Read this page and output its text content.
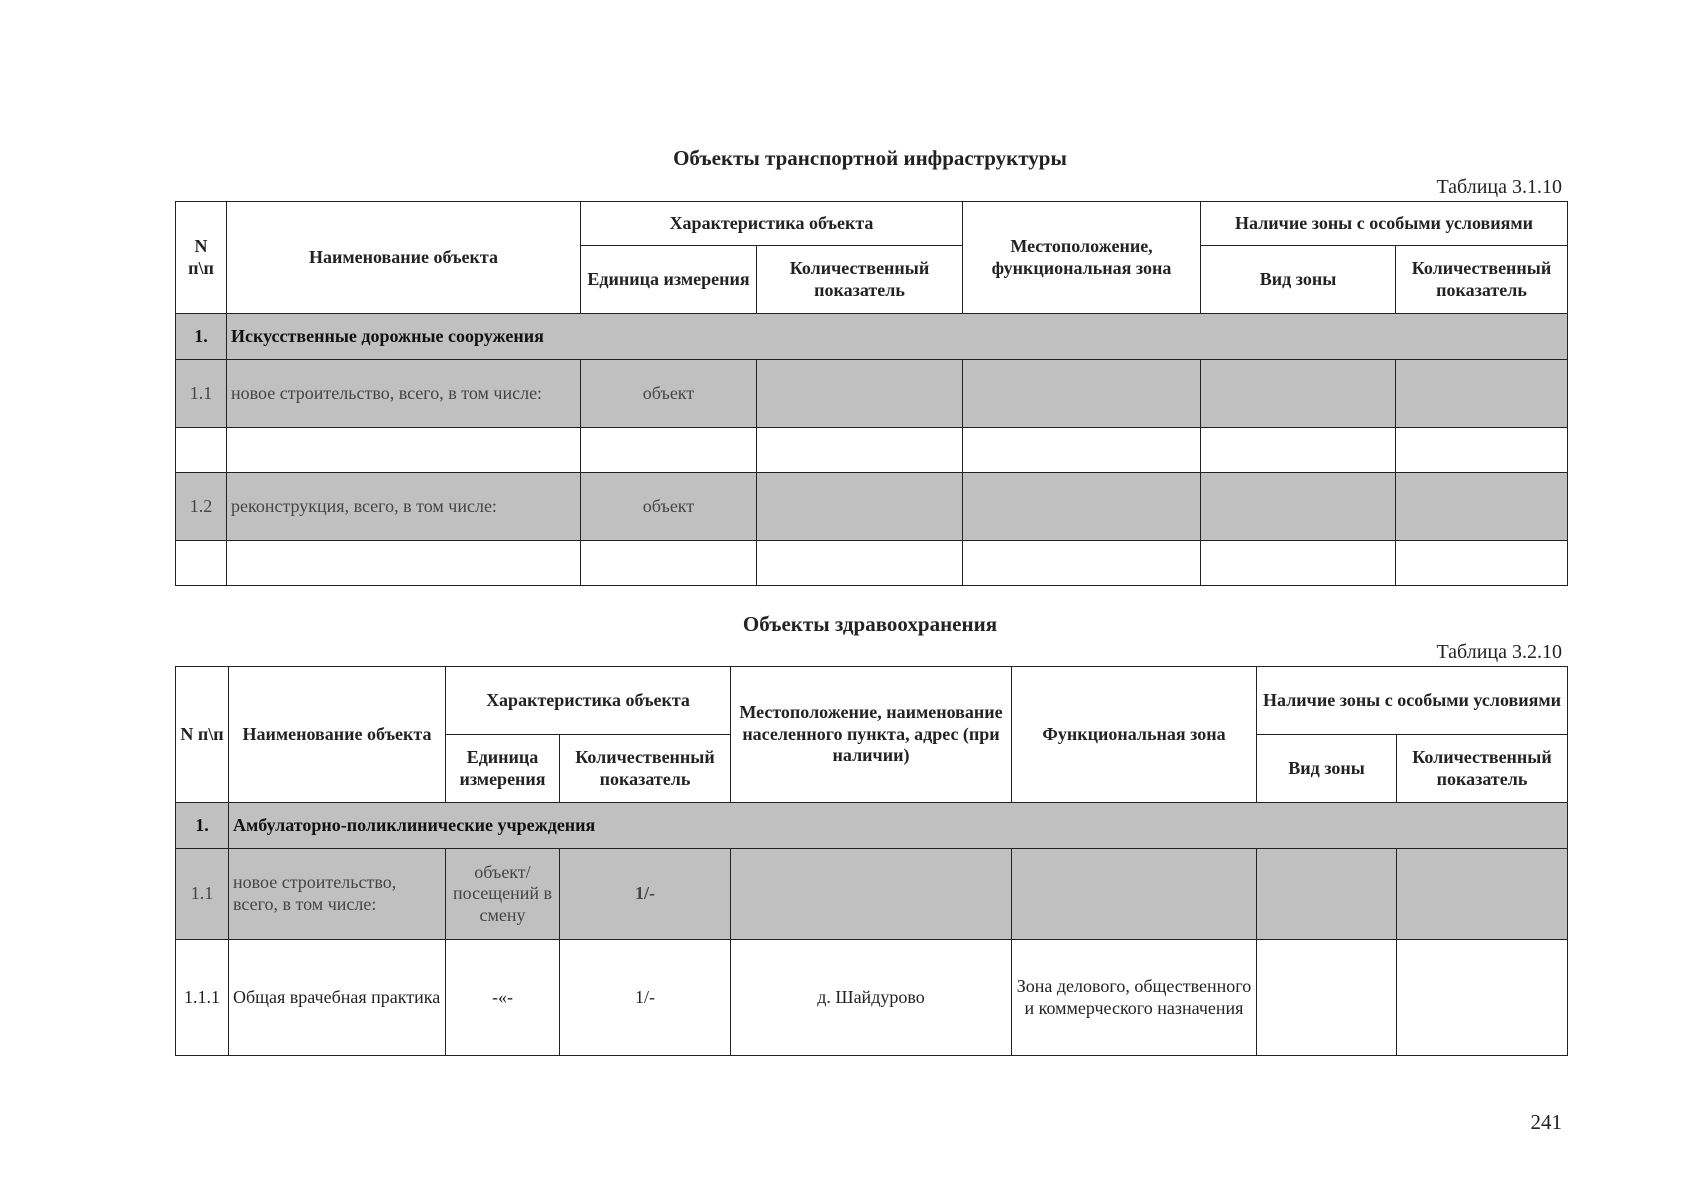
Объекты транспортной инфраструктуры
Таблица 3.1.10
N п\п	Наименование объекта	Характеристика объекта		Местоположение, функциональная зона	Наличие зоны с особыми условиями	
		Единица измерения	Количественный показатель		Вид зоны	Количественный показатель
1.	Искусственные дорожные сооружения					
1.1	новое строительство, всего, в том числе:	объект				

1.2	реконструкция, всего, в том числе:	объект				

Объекты здравоохранения
Таблица 3.2.10
N п\п	Наименование объекта	Характеристика объекта		Местоположение, наименование населенного пункта, адрес (при наличии)	Функциональная зона	Наличие зоны с особыми условиями	
		Единица измерения	Количественный показатель			Вид зоны	Количественный показатель
1.	Амбулаторно-поликлинические учреждения						
1.1	новое строительство, всего, в том числе:	объект/ посещений в смену	1/-				
1.1.1	Общая врачебная практика	-«-	1/-	д. Шайдурово	Зона делового, общественного и коммерческого назначения		
241
